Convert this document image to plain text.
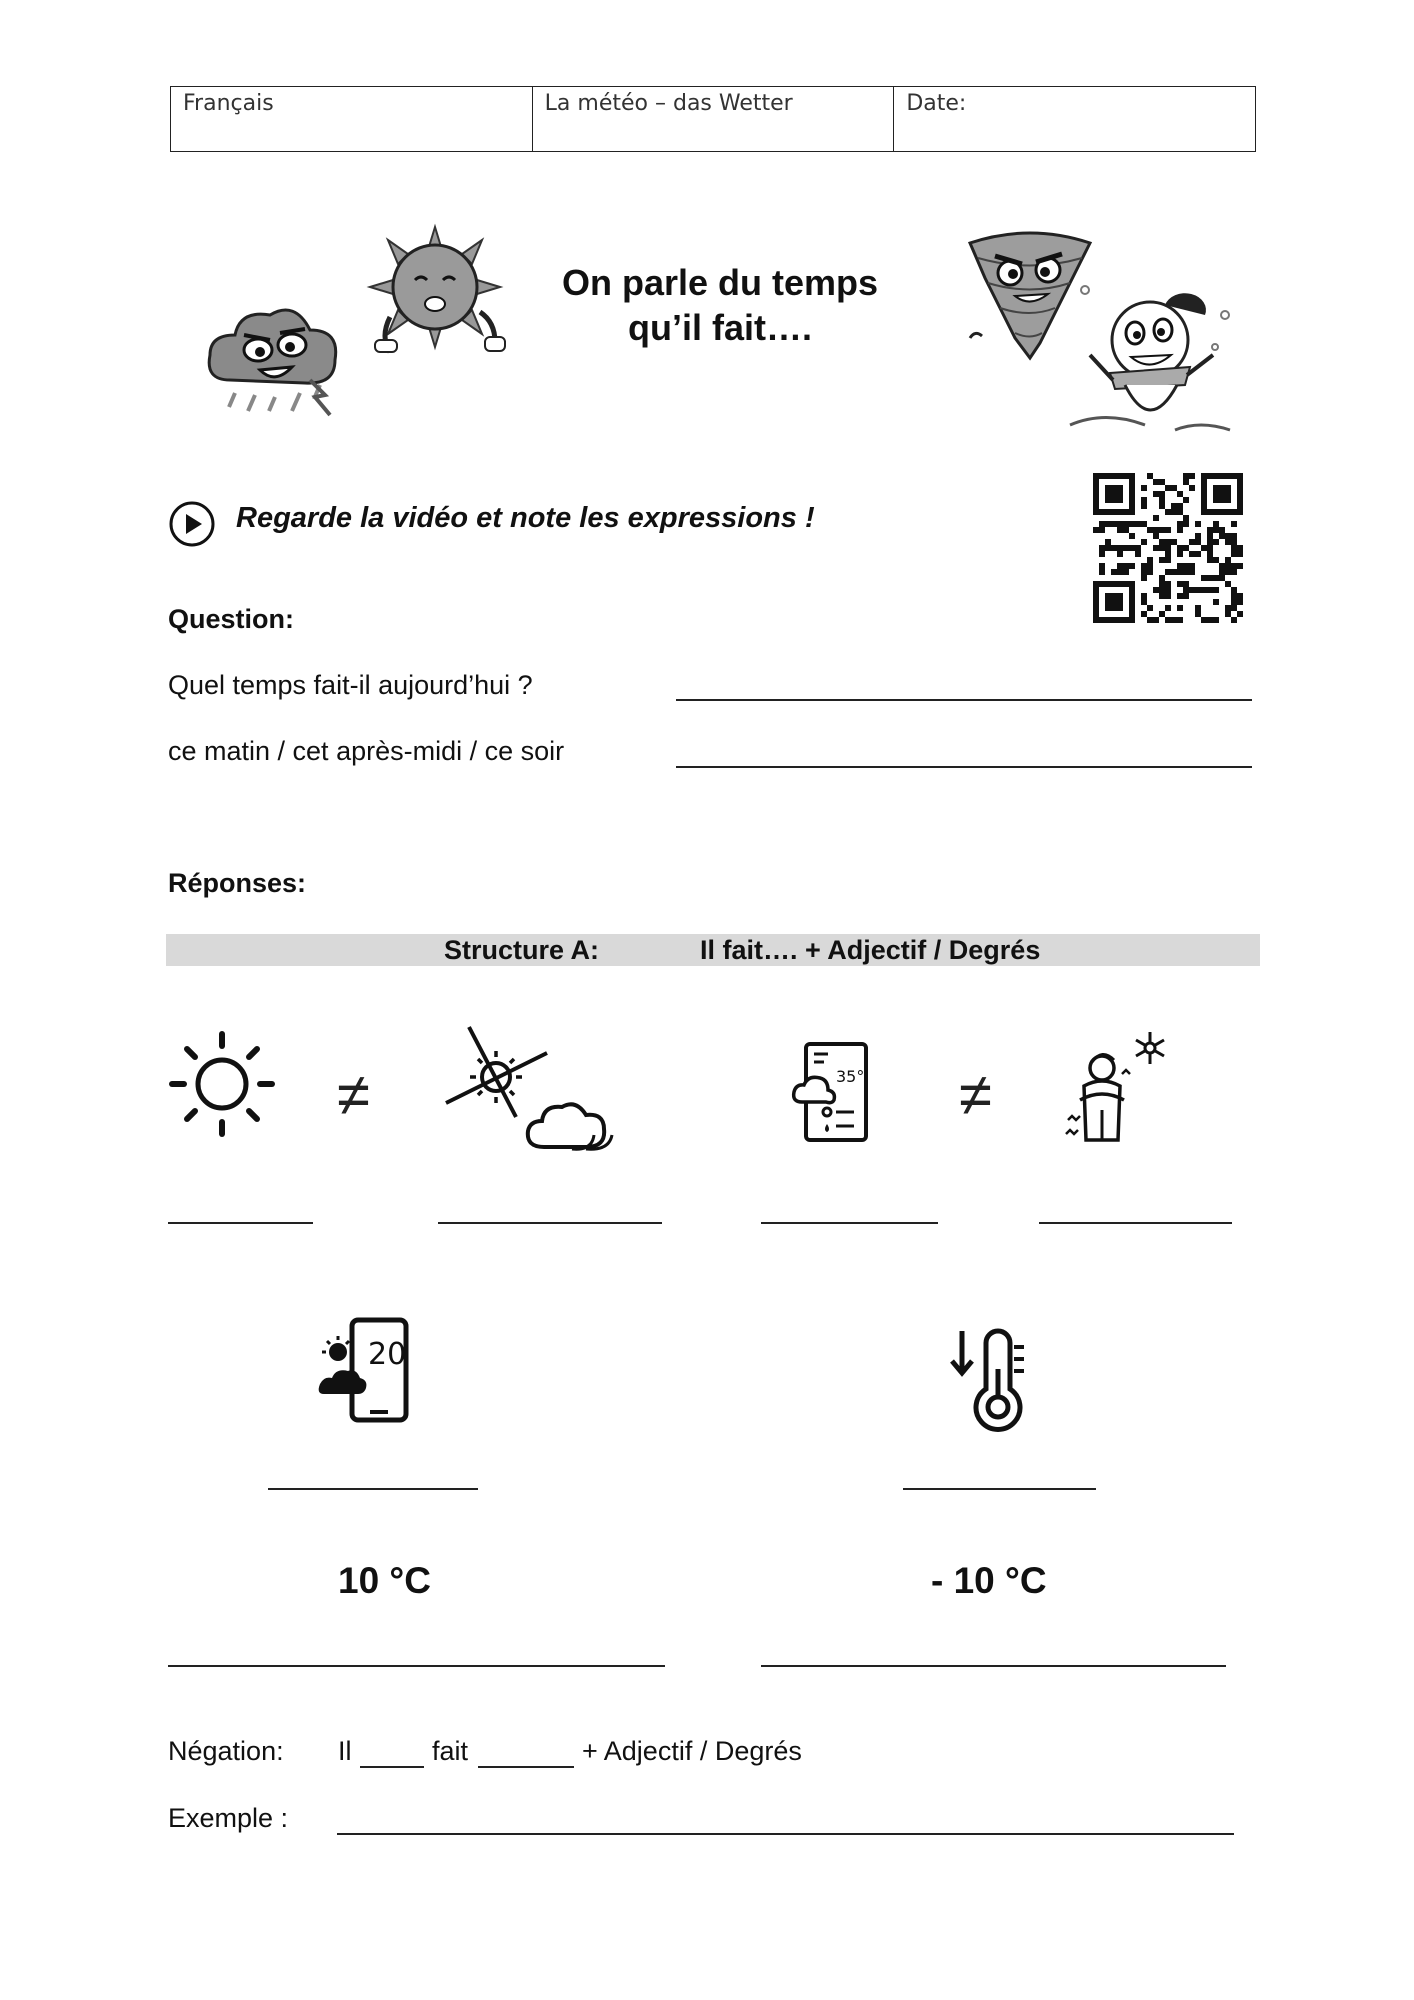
Français	La météo – das Wetter	Date:
On parle du temps
qu’il fait….
Regarde la vidéo et note les expressions !
Question:
Quel temps fait-il aujourd’hui ?
ce matin / cet après-midi / ce soir
Réponses:
Structure A:	Il fait…. + Adjectif / Degrés
≠	35° ≠
20
10 °C	- 10 °C
Négation: Il	fait	+ Adjectif / Degrés
Exemple :
